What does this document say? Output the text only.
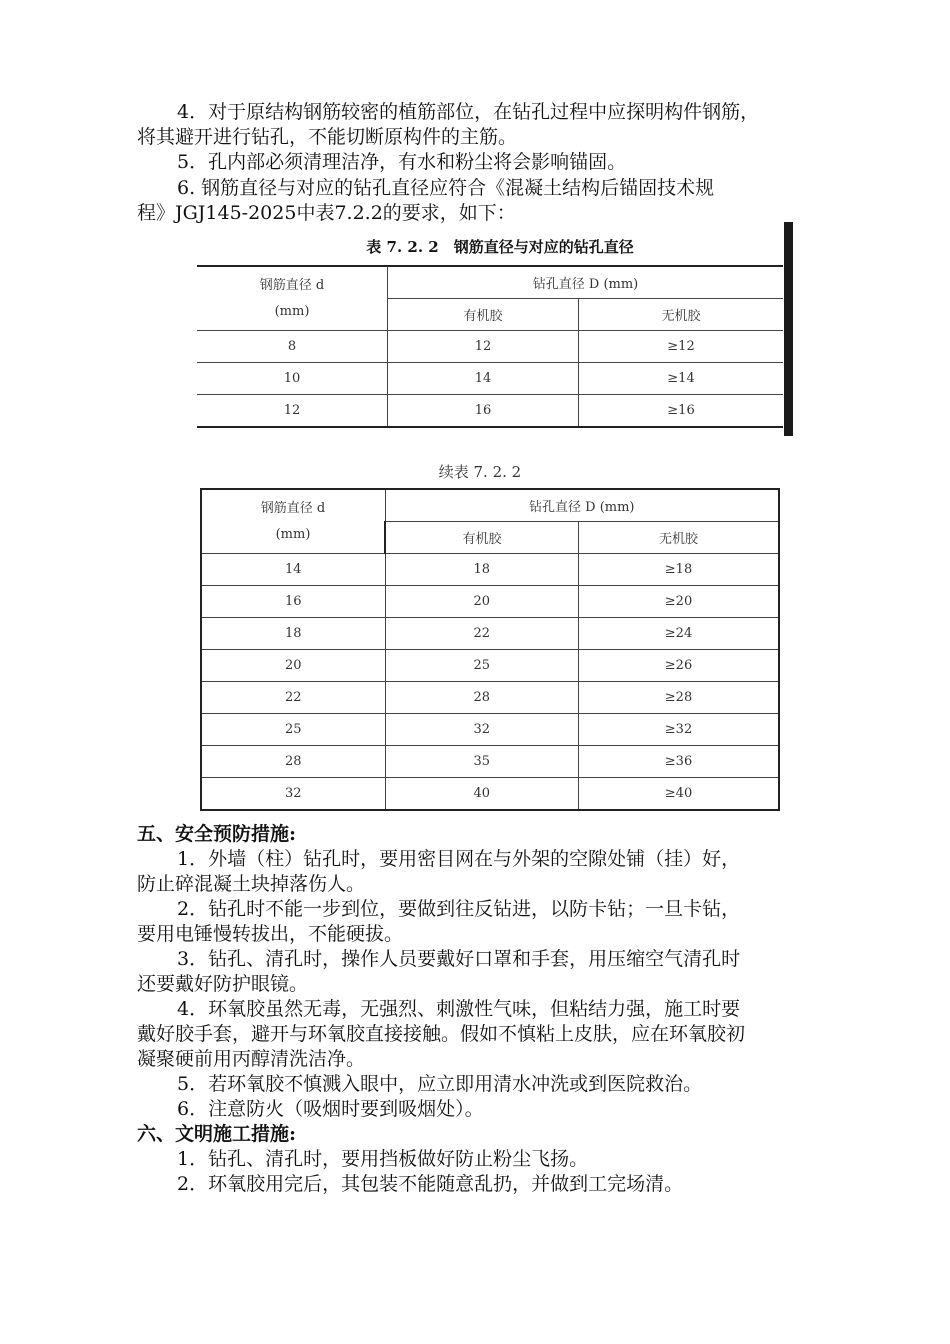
4．对于原结构钢筋较密的植筋部位，在钻孔过程中应探明构件钢筋，
将其避开进行钻孔，不能切断原构件的主筋。
5．孔内部必须清理洁净，有水和粉尘将会影响锚固。
6. 钢筋直径与对应的钻孔直径应符合《混凝土结构后锚固技术规
程》JGJ145-2025中表7.2.2的要求，如下：
表 7. 2. 2　钢筋直径与对应的钻孔直径
钢筋直径 d
(mm)	钻孔直径 D (mm)	
	有机胶	无机胶
8	12	≥12
10	14	≥14
12	16	≥16
续表 7. 2. 2
钢筋直径 d
(mm)	钻孔直径 D (mm)	
	有机胶	无机胶
14	18	≥18
16	20	≥20
18	22	≥24
20	25	≥26
22	28	≥28
25	32	≥32
28	35	≥36
32	40	≥40
五、安全预防措施:
1．外墙（柱）钻孔时，要用密目网在与外架的空隙处铺（挂）好，
防止碎混凝土块掉落伤人。
2．钻孔时不能一步到位，要做到往反钻进，以防卡钻；一旦卡钻，
要用电锤慢转拔出，不能硬拔。
3．钻孔、清孔时，操作人员要戴好口罩和手套，用压缩空气清孔时
还要戴好防护眼镜。
4．环氧胶虽然无毒，无强烈、刺激性气味，但粘结力强，施工时要
戴好胶手套，避开与环氧胶直接接触。假如不慎粘上皮肤，应在环氧胶初
凝聚硬前用丙醇清洗洁净。
5．若环氧胶不慎溅入眼中，应立即用清水冲洗或到医院救治。
6．注意防火（吸烟时要到吸烟处）。
六、文明施工措施:
1．钻孔、清孔时，要用挡板做好防止粉尘飞扬。
2．环氧胶用完后，其包装不能随意乱扔，并做到工完场清。
